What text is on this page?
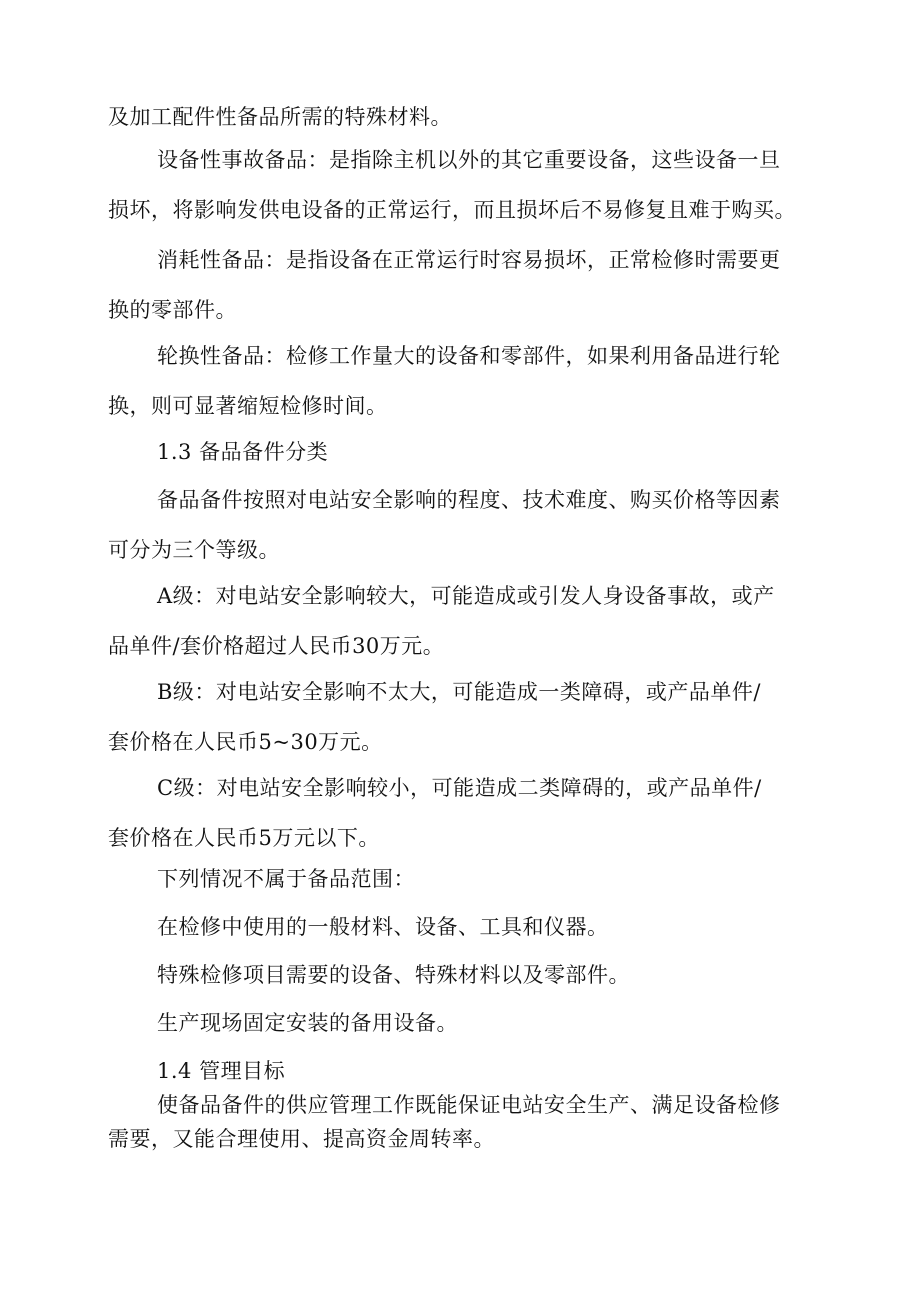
及加工配件性备品所需的特殊材料。

设备性事故备品：是指除主机以外的其它重要设备，这些设备一旦
损坏，将影响发供电设备的正常运行，而且损坏后不易修复且难于购买。

消耗性备品：是指设备在正常运行时容易损坏，正常检修时需要更
换的零部件。

轮换性备品：检修工作量大的设备和零部件，如果利用备品进行轮
换，则可显著缩短检修时间。

1.3 备品备件分类

备品备件按照对电站安全影响的程度、技术难度、购买价格等因素
可分为三个等级。

A级：对电站安全影响较大，可能造成或引发人身设备事故，或产
品单件/套价格超过人民币30万元。

B级：对电站安全影响不太大，可能造成一类障碍，或产品单件/
套价格在人民币5~30万元。

C级：对电站安全影响较小，可能造成二类障碍的，或产品单件/
套价格在人民币5万元以下。

下列情况不属于备品范围：

在检修中使用的一般材料、设备、工具和仪器。

特殊检修项目需要的设备、特殊材料以及零部件。

生产现场固定安装的备用设备。

1.4 管理目标

使备品备件的供应管理工作既能保证电站安全生产、满足设备检修
需要，又能合理使用、提高资金周转率。
